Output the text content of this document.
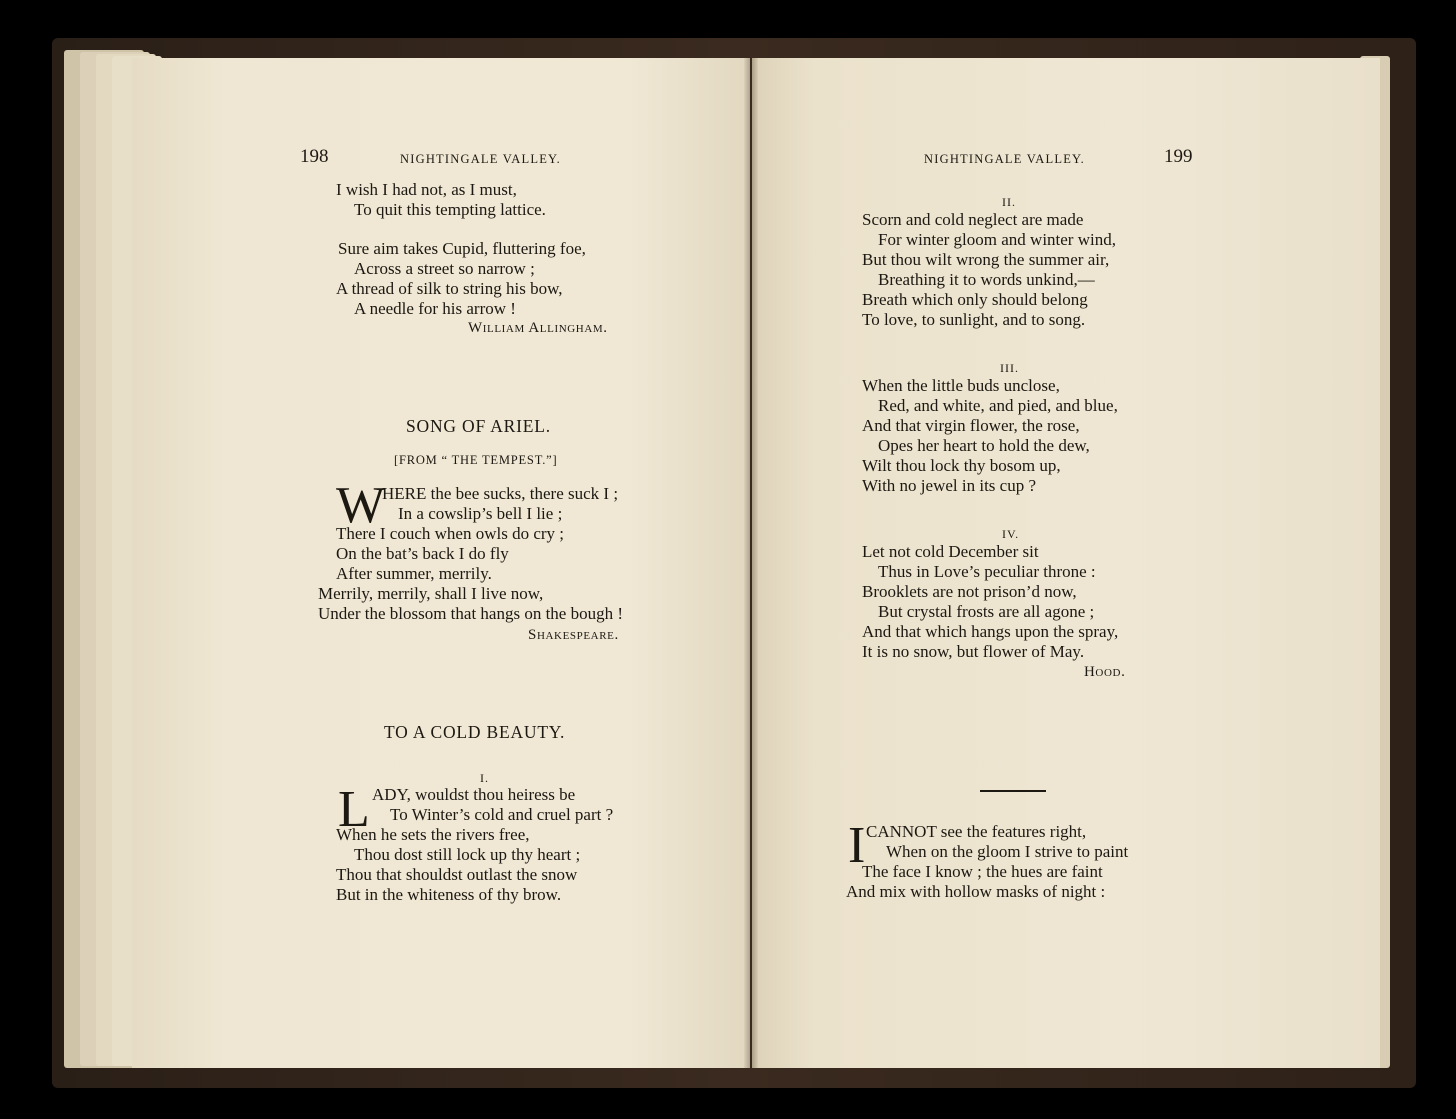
198	NIGHTINGALE VALLEY.
I wish I had not, as I must,
To quit this tempting lattice.
Sure aim takes Cupid, fluttering foe,
Across a street so narrow ;
A thread of silk to string his bow,
A needle for his arrow !
William Allingham.
SONG OF ARIEL.
[FROM “ THE TEMPEST.”]
W
HERE the bee sucks, there suck I ;
In a cowslip’s bell I lie ;
There I couch when owls do cry ;
On the bat’s back I do fly
After summer, merrily.
Merrily, merrily, shall I live now,
Under the blossom that hangs on the bough !
Shakespeare.
TO A COLD BEAUTY.
I.
L ADY, wouldst thou heiress be
To Winter’s cold and cruel part ?
When he sets the rivers free,
Thou dost still lock up thy heart ;
Thou that shouldst outlast the snow
But in the whiteness of thy brow.
NIGHTINGALE VALLEY.	199
II.
Scorn and cold neglect are made
For winter gloom and winter wind,
But thou wilt wrong the summer air,
Breathing it to words unkind,—
Breath which only should belong
To love, to sunlight, and to song.
III.
When the little buds unclose,
Red, and white, and pied, and blue,
And that virgin flower, the rose,
Opes her heart to hold the dew,
Wilt thou lock thy bosom up,
With no jewel in its cup ?
IV.
Let not cold December sit
Thus in Love’s peculiar throne :
Brooklets are not prison’d now,
But crystal frosts are all agone ;
And that which hangs upon the spray,
It is no snow, but flower of May.
Hood.
I CANNOT see the features right,
When on the gloom I strive to paint
The face I know ; the hues are faint
And mix with hollow masks of night :
